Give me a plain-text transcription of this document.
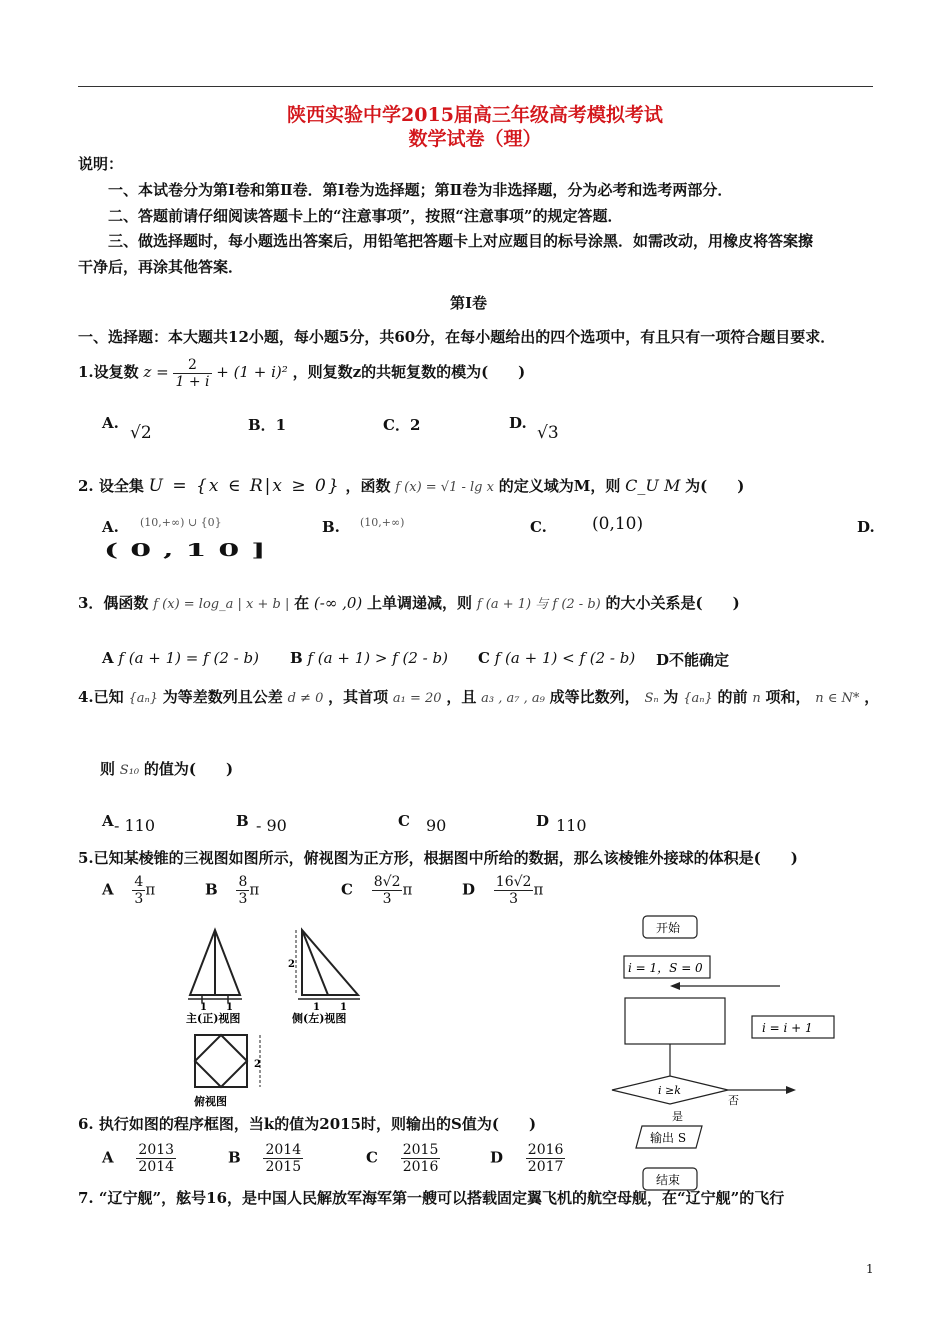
陕西实验中学2015届高三年级高考模拟考试
数学试卷（理）
说明：
一、本试卷分为第Ⅰ卷和第Ⅱ卷．第Ⅰ卷为选择题；第Ⅱ卷为非选择题，分为必考和选考两部分．
二、答题前请仔细阅读答题卡上的“注意事项”，按照“注意事项”的规定答题．
三、做选择题时，每小题选出答案后，用铅笔把答题卡上对应题目的标号涂黑．如需改动，用橡皮将答案擦
干净后，再涂其他答案．
第Ⅰ卷
一、选择题：本大题共12小题，每小题5分，共60分，在每小题给出的四个选项中，有且只有一项符合题目要求．
1.设复数 $z = \frac{2}{1 + i} + (1 + i)^2$ ，则复数z的共轭复数的模为(　　)
A. √2	B．1	C．2	D. √3
2. 设全集 U = {x ∈ R|x ≥ 0} ，函数 f (x) = √1 - lg x 的定义域为M，则 C_U M 为(　　)
A. (10,+∞) ∪ {0}	B. (10,+∞)	C.	(0,10)	D.
(0,10]
3．偶函数 f (x) = log_a | x + b | 在 (-∞ ,0) 上单调递减，则 f (a + 1) 与 f (2 - b) 的大小关系是(　　)
A f (a + 1) = f (2 - b) B f (a + 1) > f (2 - b) C f (a + 1) < f (2 - b) D不能确定
4.已知 {aₙ} 为等差数列且公差 d ≠ 0 ，其首项 a₁ = 20 ，且 a₃ , a₇ , a₉ 成等比数列， Sₙ 为 {aₙ} 的前 n 项和， n ∈ N* ，
则 S₁₀ 的值为(　　)
A - 110	B - 90	C 90	D 110
5.已知某棱锥的三视图如图所示，俯视图为正方形，根据图中所给的数据，那么该棱锥外接球的体积是(　　)
A $\frac{4}{3}$ π	B $\frac{8}{3}$ π	C $\frac{8√2}{3}$ π	D $\frac{16√2}{3}$ π
1 1
主(正)视图
2
1 1
侧(左)视图
2
俯视图
开始
i = 1，S = 0
i = i + 1
i ≥k
否
是
输出 S
结束
6. 执行如图的程序框图，当k的值为2015时，则输出的S值为(　　)
A $\frac{2013}{2014}$	B $\frac{2014}{2015}$	C $\frac{2015}{2016}$	D $\frac{2016}{2017}$
7. “辽宁舰”，舷号16，是中国人民解放军海军第一艘可以搭载固定翼飞机的航空母舰，在“辽宁舰”的飞行
1
